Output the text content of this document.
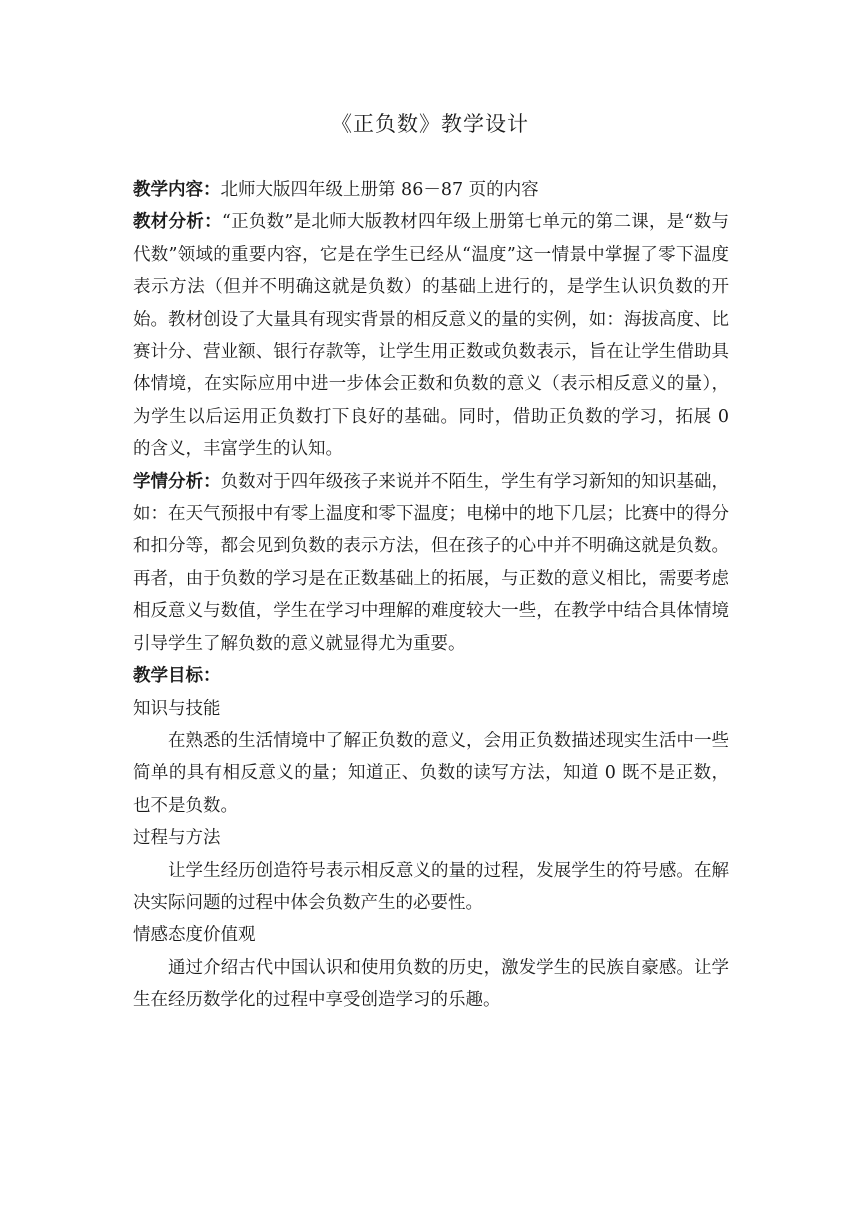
《正负数》教学设计

教学内容：北师大版四年级上册第 86－87 页的内容

教材分析：“正负数”是北师大版教材四年级上册第七单元的第二课，是“数与代数”领域的重要内容，它是在学生已经从“温度”这一情景中掌握了零下温度表示方法（但并不明确这就是负数）的基础上进行的，是学生认识负数的开始。教材创设了大量具有现实背景的相反意义的量的实例，如：海拔高度、比赛计分、营业额、银行存款等，让学生用正数或负数表示，旨在让学生借助具体情境，在实际应用中进一步体会正数和负数的意义（表示相反意义的量），为学生以后运用正负数打下良好的基础。同时，借助正负数的学习，拓展 0 的含义，丰富学生的认知。

学情分析：负数对于四年级孩子来说并不陌生，学生有学习新知的知识基础，如：在天气预报中有零上温度和零下温度；电梯中的地下几层；比赛中的得分和扣分等，都会见到负数的表示方法，但在孩子的心中并不明确这就是负数。再者，由于负数的学习是在正数基础上的拓展，与正数的意义相比，需要考虑相反意义与数值，学生在学习中理解的难度较大一些，在教学中结合具体情境引导学生了解负数的意义就显得尤为重要。

教学目标：

知识与技能

在熟悉的生活情境中了解正负数的意义，会用正负数描述现实生活中一些简单的具有相反意义的量；知道正、负数的读写方法，知道 0 既不是正数，也不是负数。

过程与方法

让学生经历创造符号表示相反意义的量的过程，发展学生的符号感。在解决实际问题的过程中体会负数产生的必要性。

情感态度价值观

通过介绍古代中国认识和使用负数的历史，激发学生的民族自豪感。让学生在经历数学化的过程中享受创造学习的乐趣。
